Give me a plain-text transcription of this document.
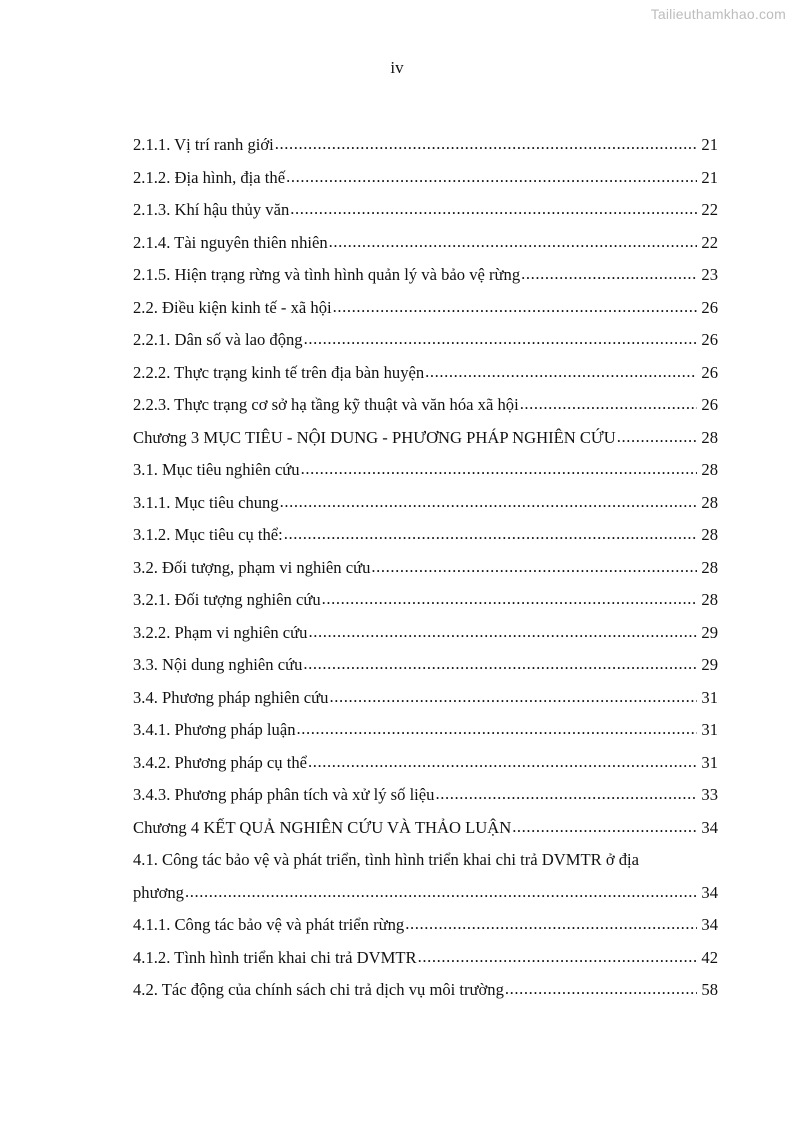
Tailieuthamkhao.com
iv
2.1.1. Vị trí ranh giới .....	21
2.1.2. Địa hình, địa thế .....	21
2.1.3. Khí hậu thủy văn .....	22
2.1.4. Tài nguyên thiên nhiên .....	22
2.1.5. Hiện trạng rừng và tình hình quản lý và bảo vệ rừng .....	23
2.2. Điều kiện kinh tế - xã hội .....	26
2.2.1. Dân số và lao động .....	26
2.2.2. Thực trạng kinh tế trên địa bàn huyện .....	26
2.2.3. Thực trạng cơ sở hạ tầng kỹ thuật và văn hóa xã hội .....	26
Chương 3 MỤC TIÊU - NỘI DUNG - PHƯƠNG PHÁP NGHIÊN CỨU .....	28
3.1. Mục tiêu nghiên cứu .....	28
3.1.1. Mục tiêu chung .....	28
3.1.2. Mục tiêu cụ thể: .....	28
3.2. Đối tượng, phạm vi nghiên cứu .....	28
3.2.1. Đối tượng nghiên cứu .....	28
3.2.2. Phạm vi nghiên cứu .....	29
3.3. Nội dung nghiên cứu .....	29
3.4. Phương pháp nghiên cứu .....	31
3.4.1. Phương pháp luận .....	31
3.4.2. Phương pháp cụ thể .....	31
3.4.3. Phương pháp phân tích và xử lý số liệu .....	33
Chương 4 KẾT QUẢ NGHIÊN CỨU VÀ THẢO LUẬN .....	34
4.1. Công tác bảo vệ và phát triển, tình hình triển khai chi trả DVMTR ở địa
phương .....	34
4.1.1. Công tác bảo vệ và phát triển rừng .....	34
4.1.2. Tình hình triển khai chi trả DVMTR .....	42
4.2. Tác động của chính sách chi trả dịch vụ môi trường .....	58
